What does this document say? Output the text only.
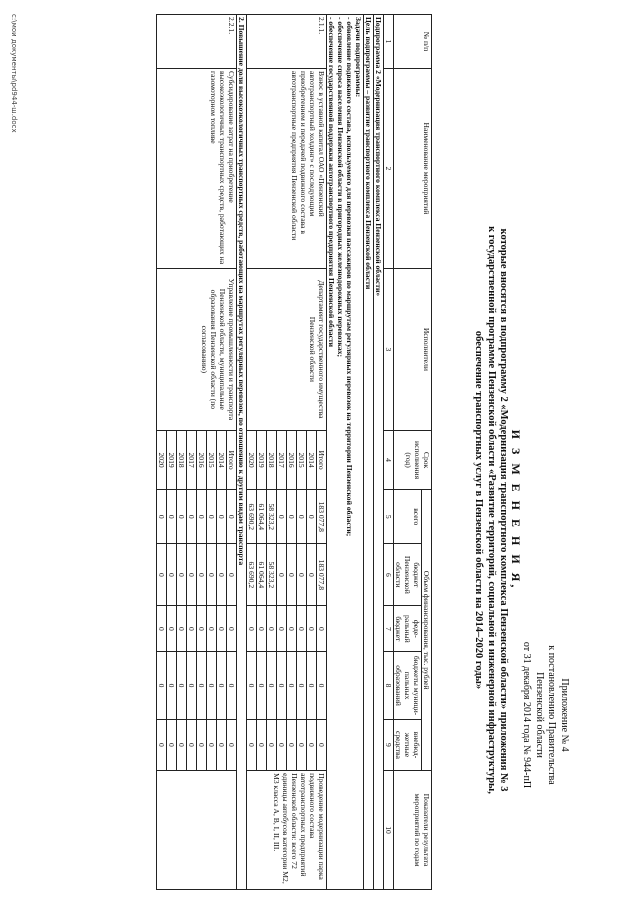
Приложение № 4
к постановлению Правительства
Пензенской области
от 31 декабря 2014 года № 944-пП
И З М Е Н Е Н И Я,
которые вносятся в подпрограмму 2 «Модернизация транспортного комплекса Пензенской области» приложения № 3
к государственной программе Пензенской области «Развитие территорий, социальной и инженерной инфраструктуры,
обеспечение транспортных услуг в Пензенской области на 2014–2020 годы»
№ п/п	Наименование мероприятий	Исполнители	Срок исполнения (год)	Объем финансирования, тыс. рублей					Показатели результата мероприятий по годам
				всего	бюджет Пензенской области	феде- ральный бюджет	бюджеты муници- пальных образований	внебюд- жетные средства	
1	2	3	4	5	6	7	8	9	10
Подпрограмма 2 «Модернизация транспортного комплекса Пензенской области»									
Цель подпрограммы – развитие транспортного комплекса Пензенской области									

Задачи подпрограммы:
- обновление подвижного состава, используемого для перевозки пассажиров по маршрутам регулярных перевозок на территории Пензенской области;
- обеспечение спроса населения Пензенской области в пригородных железнодорожных перевозках;
- обеспечение государственной поддержки автотранспортного предприятия Пензенской области									

2.1.1.	Взнос в уставной капитал ОАО «Пензенский автотранспортный холдинг» с последующим приобретением и передачей подвижного состава в автотранспортные предприятия Пензенской области	Департамент государственного имущества Пензенской области	Итого	183 077,8	183 077,8	0	0	0	Проведение модернизации парка подвижного состава автотранспортных предприятий Пензенской области: всего 72 единицы автобусов категории М2, М3 класса А, В, I, II, III.
			2014	0	0	0	0	0	
			2015	0	0	0	0	0	
			2016	0	0	0	0	0	
			2017	0	0	0	0	0	
			2018	58 323,2	58 323,2	0	0	0	
			2019	61 064,4	61 064,4	0	0	0	
			2020	63 690,2	63 690,2	0	0	0	
2. Повышение доли высокоэкологичных транспортных средств, работающих на маршрутах регулярных перевозок, по отношению к другим видам транспорта									
2.2.1.	Субсидирование затрат на приобретение высокоэкологичных транспортных средств, работающих на газомоторном топливе	Управление промышленности и транспорта Пензенской области, муниципальные образования Пензенской области (по согласованию)	Итого	0	0	0	0	0	
			2014	0	0	0	0	0	
			2015	0	0	0	0	0	
			2016	0	0	0	0	0	
			2017	0	0	0	0	0	
			2018	0	0	0	0	0	
			2019	0	0	0	0	0	
			2020	0	0	0	0	0	
c:\мои документы\pd944-ш.docx
